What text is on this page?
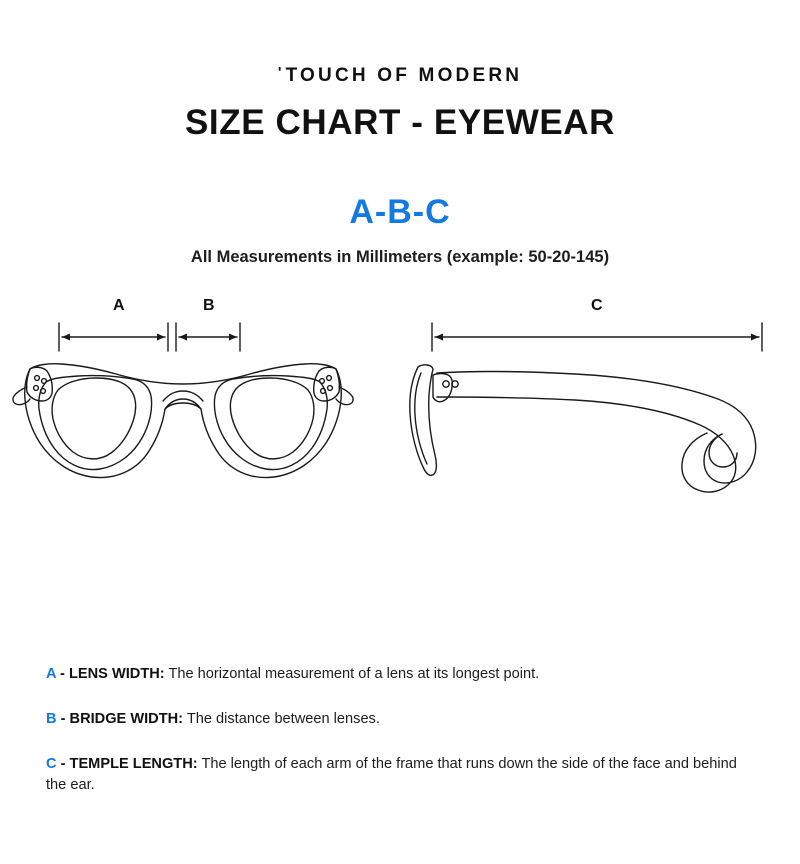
'TOUCH OF MODERN
SIZE CHART - EYEWEAR
A-B-C
All Measurements in Millimeters (example: 50-20-145)
A	B	C
A - LENS WIDTH: The horizontal measurement of a lens at its longest point.
B - BRIDGE WIDTH: The distance between lenses.
C - TEMPLE LENGTH: The length of each arm of the frame that runs down the side of the face and behind the ear.
